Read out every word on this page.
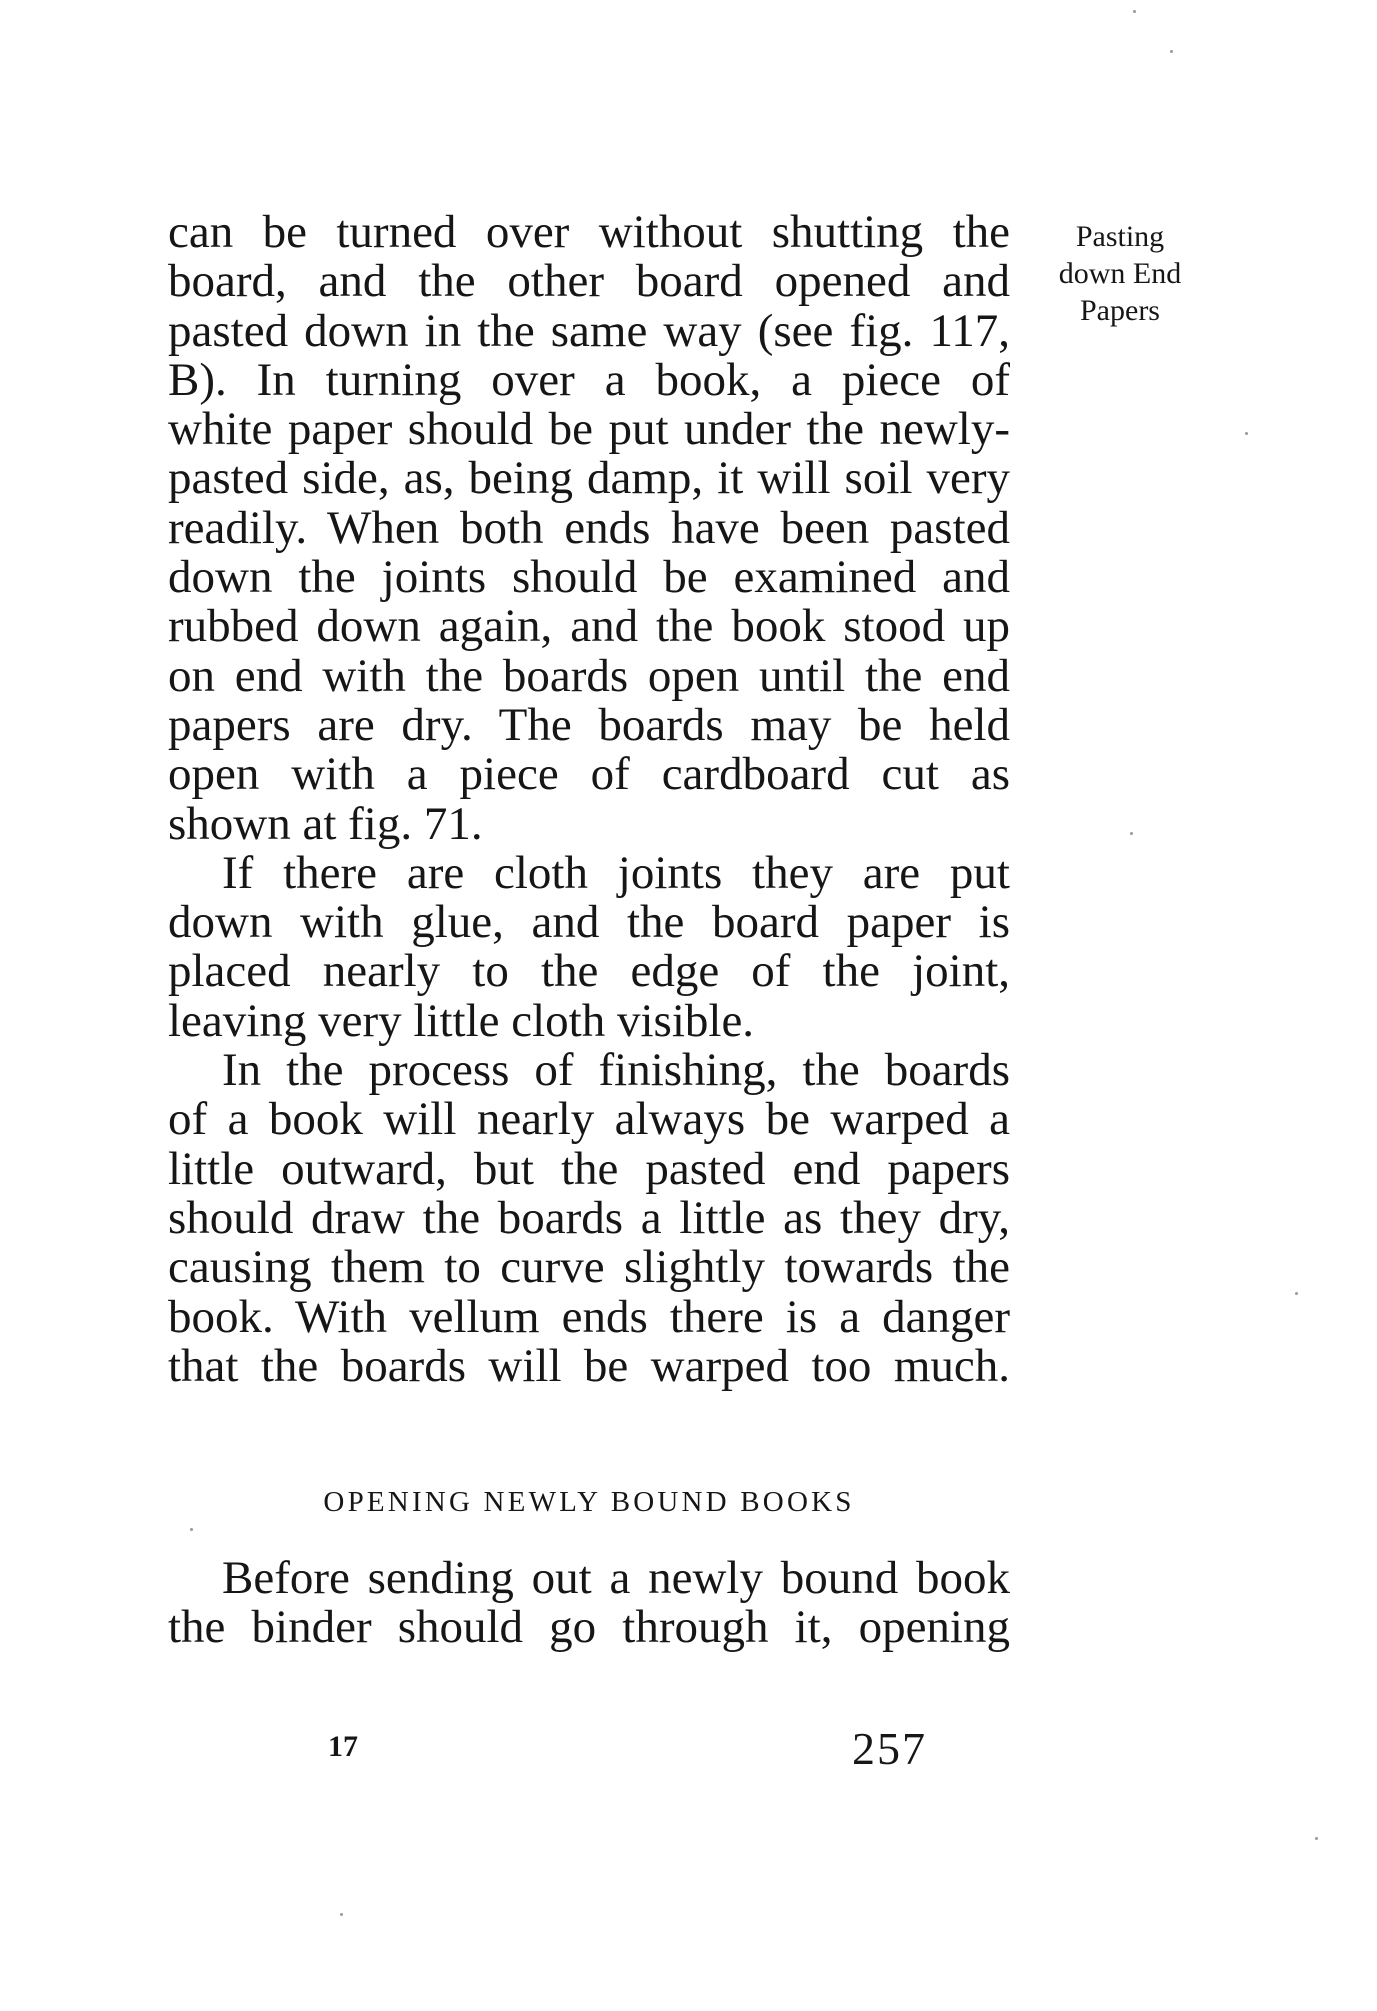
Pasting
down End
Papers
can be turned over without shutting the
board, and the other board opened and
pasted down in the same way (see fig. 117,
B). In turning over a book, a piece of
white paper should be put under the newly-
pasted side, as, being damp, it will soil very
readily. When both ends have been pasted
down the joints should be examined and
rubbed down again, and the book stood up
on end with the boards open until the end
papers are dry. The boards may be held
open with a piece of cardboard cut as
shown at fig. 71.
If there are cloth joints they are put
down with glue, and the board paper is
placed nearly to the edge of the joint,
leaving very little cloth visible.
In the process of finishing, the boards
of a book will nearly always be warped a
little outward, but the pasted end papers
should draw the boards a little as they dry,
causing them to curve slightly towards the
book. With vellum ends there is a danger
that the boards will be warped too much.
OPENING NEWLY BOUND BOOKS
Before sending out a newly bound book
the binder should go through it, opening
17	257
